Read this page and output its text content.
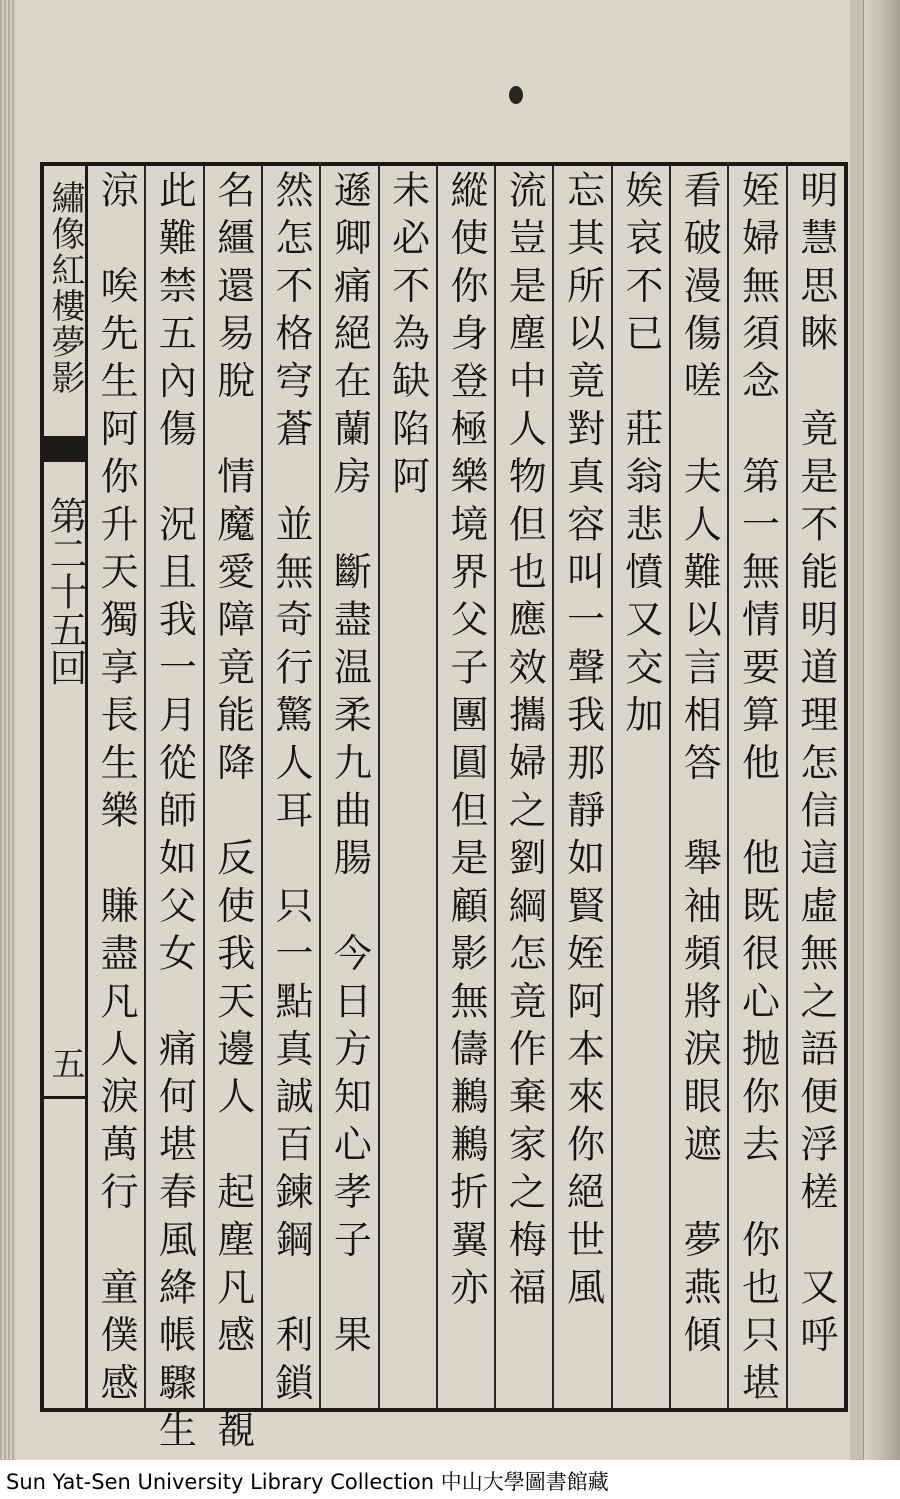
繡像紅樓夢影
第二十五回
五	明慧思睞　竟是不能明道理怎信這虛無之語便浮槎　又呼
姪婦無須念　第一無情要算他　他既很心抛你去　你也只堪
看破漫傷嗟　夫人難以言相答　舉袖頻將淚眼遮　夢燕傾
娭哀不已　莊翁悲憤又交加
忘其所以竟對真容叫一聲我那靜如賢姪阿本來你絕世風
流豈是塵中人物但也應效攜婦之劉綱怎竟作棄家之梅福
縱使你身登極樂境界父子團圓但是顧影無儔鶼鶼折翼亦
未必不為缺陷阿
遜卿痛絕在蘭房　斷盡温柔九曲腸　今日方知心孝子　果
然怎不格穹蒼　並無奇行驚人耳　只一點真誠百鍊鋼　利鎖
名繮還易脫　情魔愛障竟能降　反使我天邊人　起塵凡感　覩
此難禁五內傷　況且我一月從師如父女　痛何堪春風絳帳驟生
涼　唉先生阿你升天獨享長生樂　賺盡凡人淚萬行　童僕感
Sun Yat-Sen University Library Collection 中山大學圖書館藏
